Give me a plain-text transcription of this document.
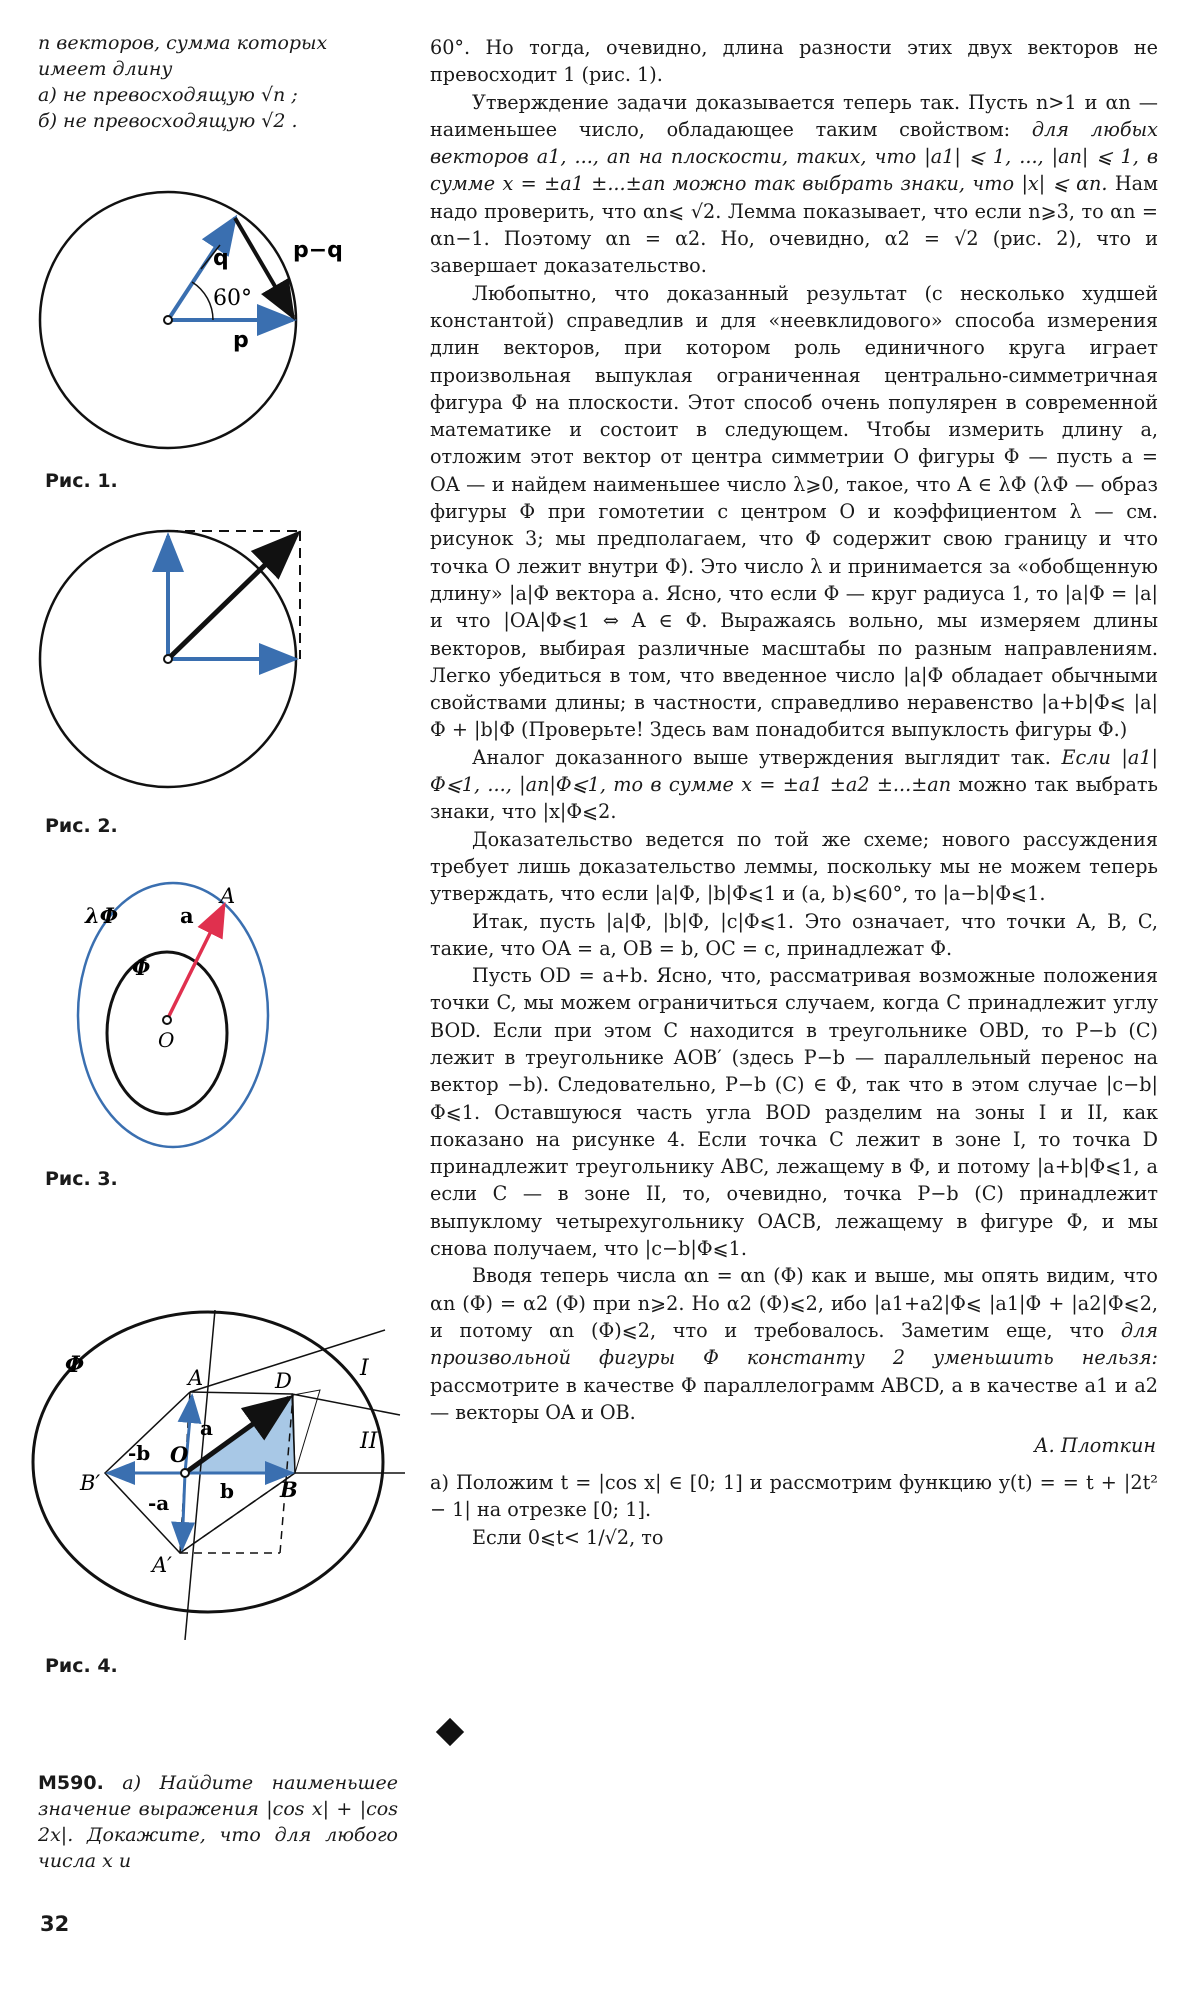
n векторов, сумма которых

имеет длину

а) не превосходящую √n ;

б) не превосходящую √2 .

q
60°
p
p−q
Рис. 1.
Рис. 2.
λΦ	a
A
Φ
O
Рис. 3.
Φ	A	D	I
II
a
-b O
b B
B′
-a
A′
Рис. 4.

60°. Но тогда, очевидно, длина разности этих двух векторов не превосходит 1 (рис. 1).

Утверждение задачи доказывается теперь так. Пусть n>1 и αn — наименьшее число, обладающее таким свойством: для любых векторов a1, ..., an на плоскости, таких, что |a1| ⩽ 1, ..., |an| ⩽ 1, в сумме x = ±a1 ±...±an можно так выбрать знаки, что |x| ⩽ αn. Нам надо проверить, что αn⩽ √2. Лемма показывает, что если n⩾3, то αn = αn−1. Поэтому αn = α2. Но, очевидно, α2 = √2 (рис. 2), что и завершает доказательство.

Любопытно, что доказанный результат (с несколько худшей константой) справедлив и для «неевклидового» способа измерения длин векторов, при котором роль единичного круга играет произвольная выпуклая ограниченная центрально-симметричная фигура Φ на плоскости. Этот способ очень популярен в современной математике и состоит в следующем. Чтобы измерить длину a, отложим этот вектор от центра симметрии O фигуры Φ — пусть a = OA — и найдем наименьшее число λ⩾0, такое, что A ∈ λΦ (λΦ — образ фигуры Φ при гомотетии с центром O и коэффициентом λ — см. рисунок 3; мы предполагаем, что Φ содержит свою границу и что точка O лежит внутри Φ). Это число λ и принимается за «обобщенную длину» |a|Φ вектора a. Ясно, что если Φ — круг радиуса 1, то |a|Φ = |a| и что |OA|Φ⩽1 ⇔ A ∈ Φ. Выражаясь вольно, мы измеряем длины векторов, выбирая различные масштабы по разным направлениям. Легко убедиться в том, что введенное число |a|Φ обладает обычными свойствами длины; в частности, справедливо неравенство |a+b|Φ⩽ |a|Φ + |b|Φ (Проверьте! Здесь вам понадобится выпуклость фигуры Φ.)

Аналог доказанного выше утверждения выглядит так. Если |a1|Φ⩽1, ..., |an|Φ⩽1, то в сумме x = ±a1 ±a2 ±...±an можно так выбрать знаки, что |x|Φ⩽2.

Доказательство ведется по той же схеме; нового рассуждения требует лишь доказательство леммы, поскольку мы не можем теперь утверждать, что если |a|Φ, |b|Φ⩽1 и (a, b)⩽60°, то |a−b|Φ⩽1.

Итак, пусть |a|Φ, |b|Φ, |c|Φ⩽1. Это означает, что точки A, B, C, такие, что OA = a, OB = b, OC = c, принадлежат Φ.

Пусть OD = a+b. Ясно, что, рассматривая возможные положения точки C, мы можем ограничиться случаем, когда C принадлежит углу BOD. Если при этом C находится в треугольнике OBD, то P−b (C) лежит в треугольнике AOB′ (здесь P−b — параллельный перенос на вектор −b). Следовательно, P−b (C) ∈ Φ, так что в этом случае |c−b|Φ⩽1. Оставшуюся часть угла BOD разделим на зоны I и II, как показано на рисунке 4. Если точка C лежит в зоне I, то точка D принадлежит треугольнику ABC, лежащему в Φ, и потому |a+b|Φ⩽1, а если C — в зоне II, то, очевидно, точка P−b (C) принадлежит выпуклому четырехугольнику OACB, лежащему в фигуре Φ, и мы снова получаем, что |c−b|Φ⩽1.

Вводя теперь числа αn = αn (Φ) как и выше, мы опять видим, что αn (Φ) = α2 (Φ) при n⩾2. Но α2 (Φ)⩽2, ибо |a1+a2|Φ⩽ |a1|Φ + |a2|Φ⩽2, и потому αn (Φ)⩽2, что и требовалось. Заметим еще, что для произвольной фигуры Φ константу 2 уменьшить нельзя: рассмотрите в качестве Φ параллелограмм ABCD, а в качестве a1 и a2 — векторы OA и OB.

А. Плоткин

а) Положим t = |cos x| ∈ [0; 1] и рассмотрим функцию y(t) = = t + |2t² − 1| на отрезке [0; 1].

Если 0⩽t< 1/√2, то

М590. а) Найдите наименьшее значение выражения |cos x| + |cos 2x|. Докажите, что для любого числа x и

32
